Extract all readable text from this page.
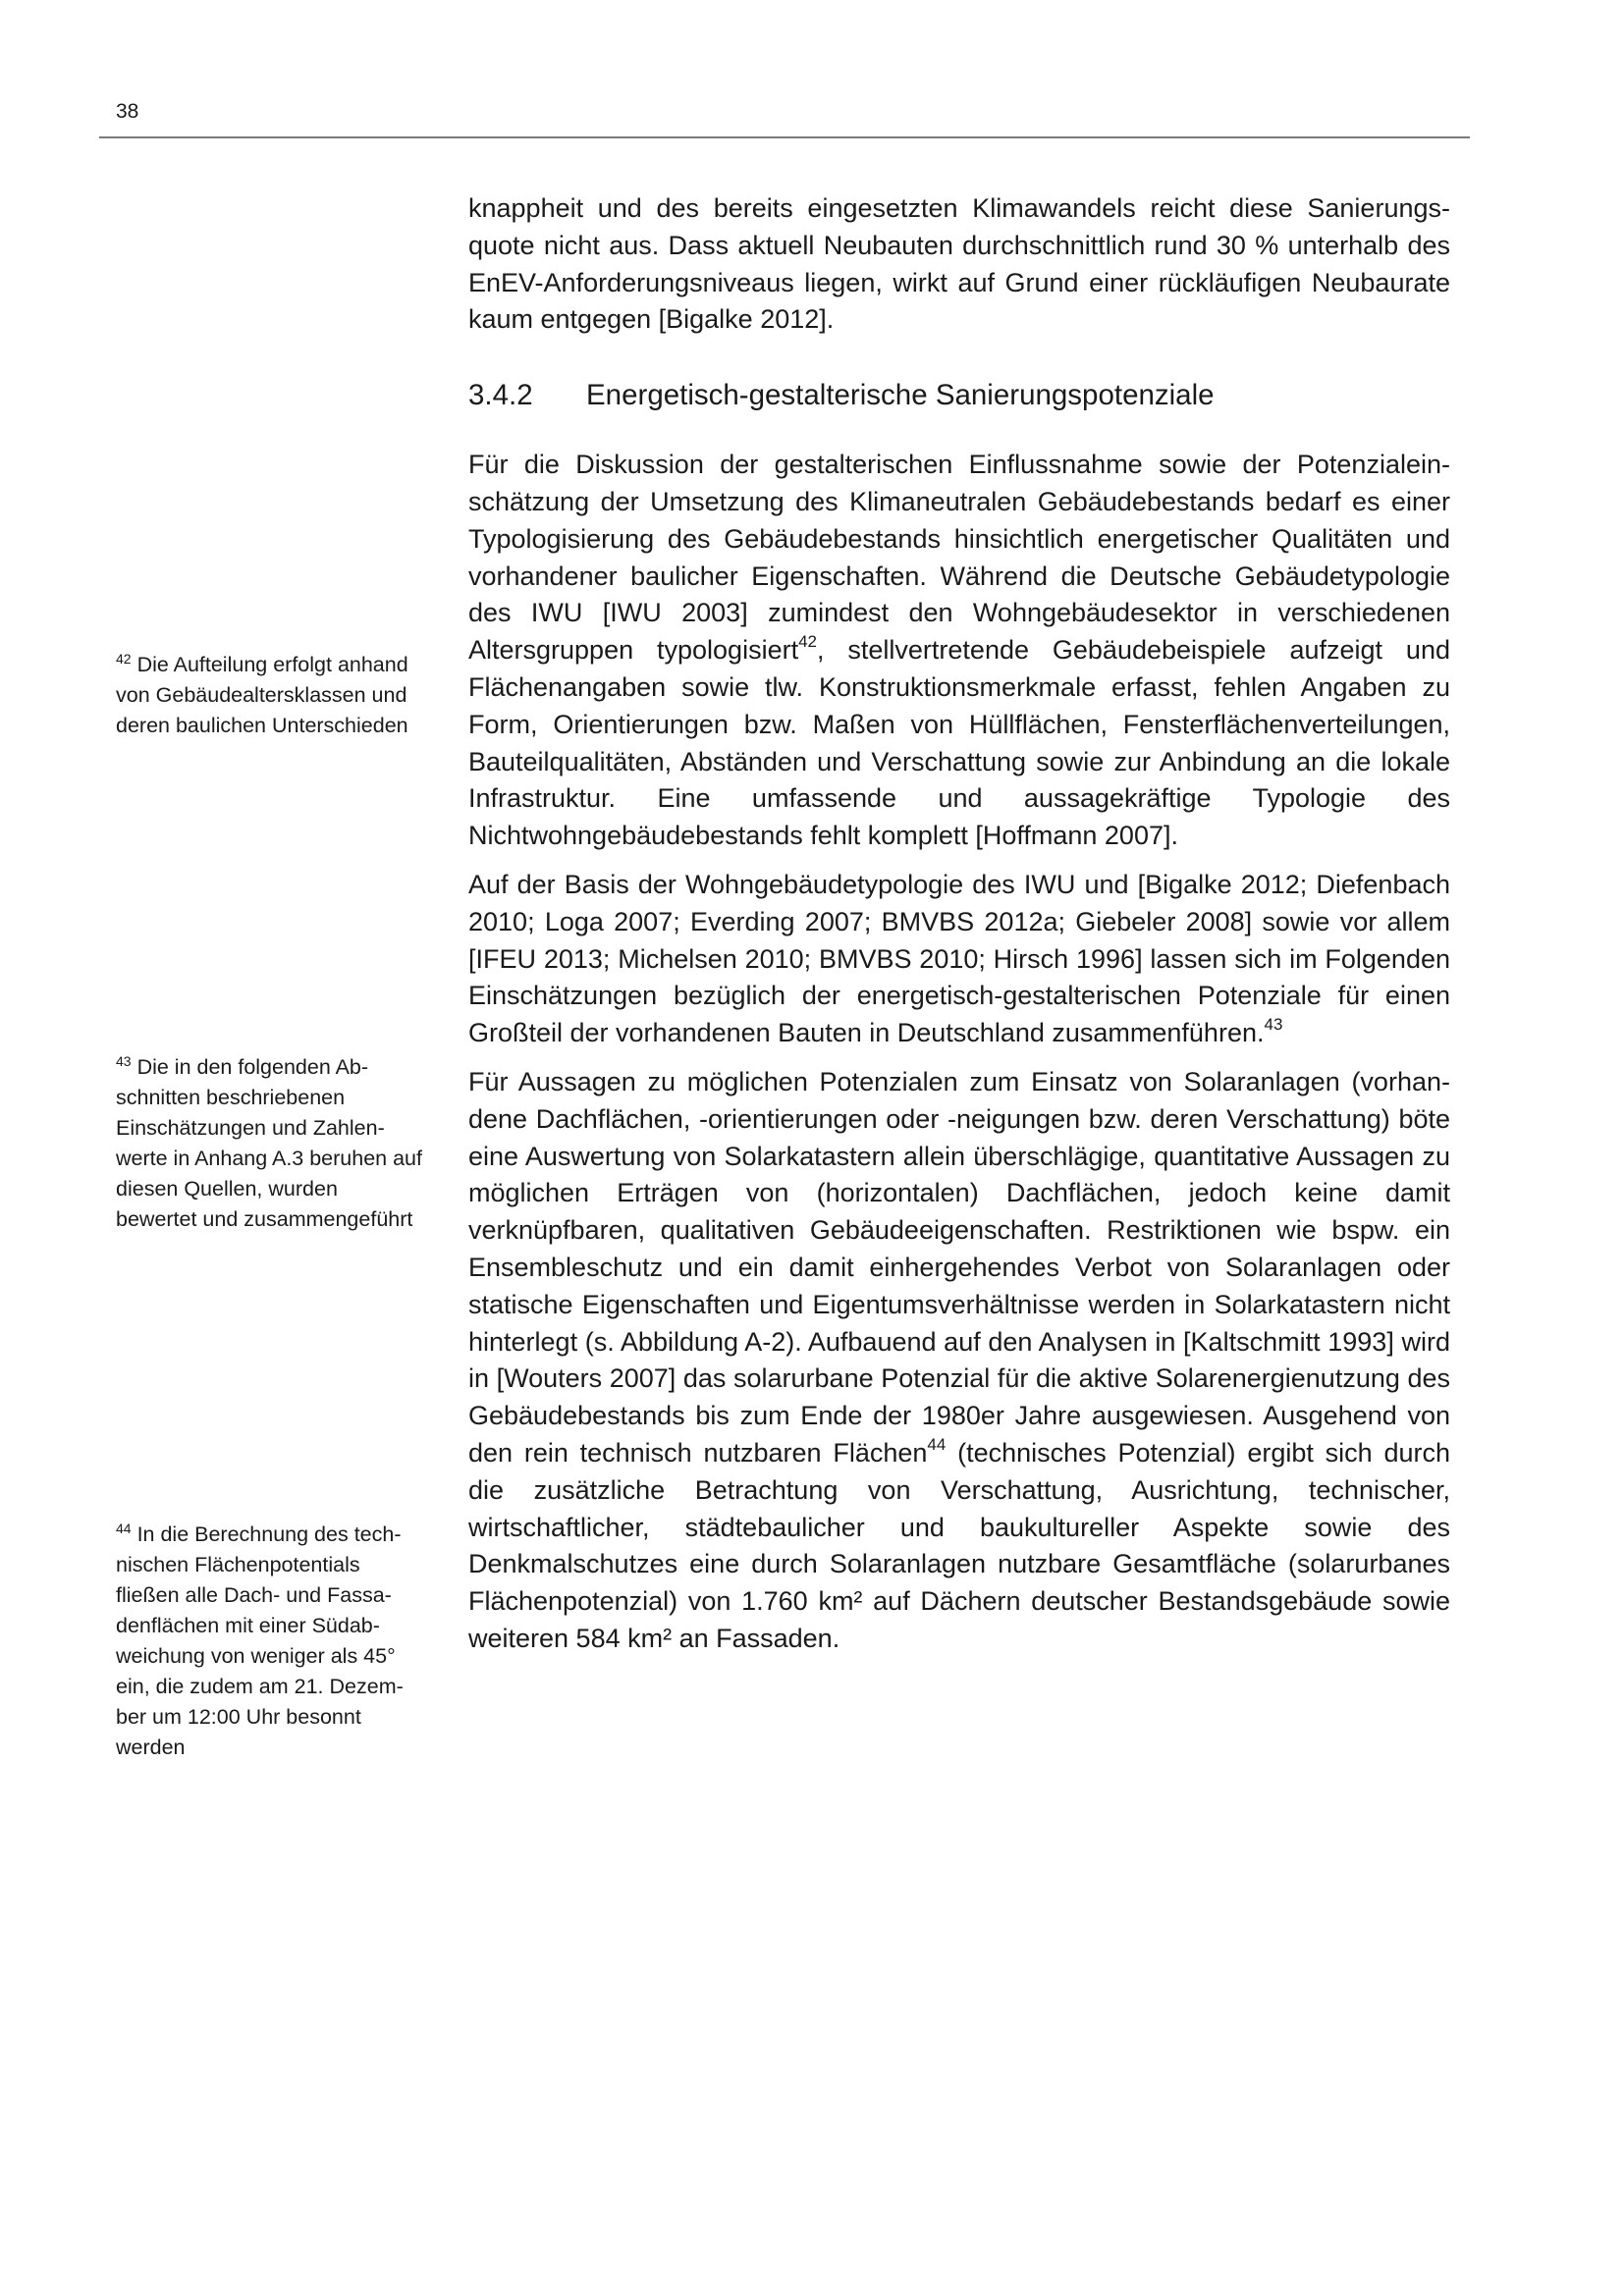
38

knappheit und des bereits eingesetzten Klimawandels reicht diese Sanierungsquote nicht aus. Dass aktuell Neubauten durchschnittlich rund 30 % unterhalb des EnEV-Anforderungsniveaus liegen, wirkt auf Grund einer rückläufigen Neubaurate kaum entgegen [Bigalke 2012].

3.4.2	Energetisch-gestalterische Sanierungspotenziale

Für die Diskussion der gestalterischen Einflussnahme sowie der Potenzialeinschätzung der Umsetzung des Klimaneutralen Gebäudebestands bedarf es einer Typologisierung des Gebäudebestands hinsichtlich energetischer Qualitäten und vorhandener baulicher Eigenschaften. Während die Deutsche Gebäudetypologie des IWU [IWU 2003] zumindest den Wohngebäudesektor in verschiedenen Altersgruppen typologisiert$^{42}$, stellvertretende Gebäudebeispiele aufzeigt und Flächenangaben sowie tlw. Konstruktionsmerkmale erfasst, fehlen Angaben zu Form, Orientierungen bzw. Maßen von Hüllflächen, Fensterflächenverteilungen, Bauteilqualitäten, Abständen und Verschattung sowie zur Anbindung an die lokale Infrastruktur. Eine umfassende und aussagekräftige Typologie des Nichtwohngebäudebestands fehlt komplett [Hoffmann 2007].

Auf der Basis der Wohngebäudetypologie des IWU und [Bigalke 2012; Diefenbach 2010; Loga 2007; Everding 2007; BMVBS 2012a; Giebeler 2008] sowie vor allem [IFEU 2013; Michelsen 2010; BMVBS 2010; Hirsch 1996] lassen sich im Folgenden Einschätzungen bezüglich der energetisch-gestalterischen Potenziale für einen Großteil der vorhandenen Bauten in Deutschland zusammenführen.$^{43}$

Für Aussagen zu möglichen Potenzialen zum Einsatz von Solaranlagen (vorhandene Dachflächen, -orientierungen oder -neigungen bzw. deren Verschattung) böte eine Auswertung von Solarkatastern allein überschlägige, quantitative Aussagen zu möglichen Erträgen von (horizontalen) Dachflächen, jedoch keine damit verknüpfbaren, qualitativen Gebäudeeigenschaften. Restriktionen wie bspw. ein Ensembleschutz und ein damit einhergehendes Verbot von Solaranlagen oder statische Eigenschaften und Eigentumsverhältnisse werden in Solarkatastern nicht hinterlegt (s. Abbildung A-2). Aufbauend auf den Analysen in [Kaltschmitt 1993] wird in [Wouters 2007] das solarurbane Potenzial für die aktive Solarenergienutzung des Gebäudebestands bis zum Ende der 1980er Jahre ausgewiesen. Ausgehend von den rein technisch nutzbaren Flächen$^{44}$ (technisches Potenzial) ergibt sich durch die zusätzliche Betrachtung von Verschattung, Ausrichtung, technischer, wirtschaftlicher, städtebaulicher und baukultureller Aspekte sowie des Denkmalschutzes eine durch Solaranlagen nutzbare Gesamtfläche (solarurbanes Flächenpotenzial) von 1.760 km² auf Dächern deutscher Bestandsgebäude sowie weiteren 584 km² an Fassaden.

$^{42}$ Die Aufteilung erfolgt anhand von Gebäudealtersklassen und deren baulichen Unterschieden

$^{43}$ Die in den folgenden Abschnitten beschriebenen Einschätzungen und Zahlenwerte in Anhang A.3 beruhen auf diesen Quellen, wurden bewertet und zusammengeführt

$^{44}$ In die Berechnung des technischen Flächenpotentials fließen alle Dach- und Fassadenflächen mit einer Südabweichung von weniger als 45° ein, die zudem am 21. Dezember um 12:00 Uhr besonnt werden
